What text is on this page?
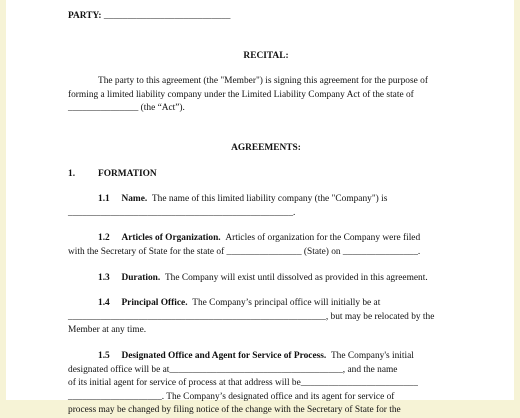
PARTY: ___________________________
RECITAL:
The party to this agreement (the "Member") is signing this agreement for the purpose of
forming a limited liability company under the Limited Liability Company Act of the state of
_______________ (the “Act”).
AGREEMENTS:
1. FORMATION
1.1 Name. The name of this limited liability company (the "Company") is
________________________________________________.
1.2 Articles of Organization. Articles of organization for the Company were filed
with the Secretary of State for the state of ________________ (State) on ________________.
1.3 Duration. The Company will exist until dissolved as provided in this agreement.
1.4 Principal Office. The Company’s principal office will initially be at
_______________________________________________________, but may be relocated by the
Member at any time.
1.5 Designated Office and Agent for Service of Process. The Company's initial
designated office will be at_____________________________________, and the name
of its initial agent for service of process at that address will be_________________________
____________________. The Company’s designated office and its agent for service of
process may be changed by filing notice of the change with the Secretary of State for the
